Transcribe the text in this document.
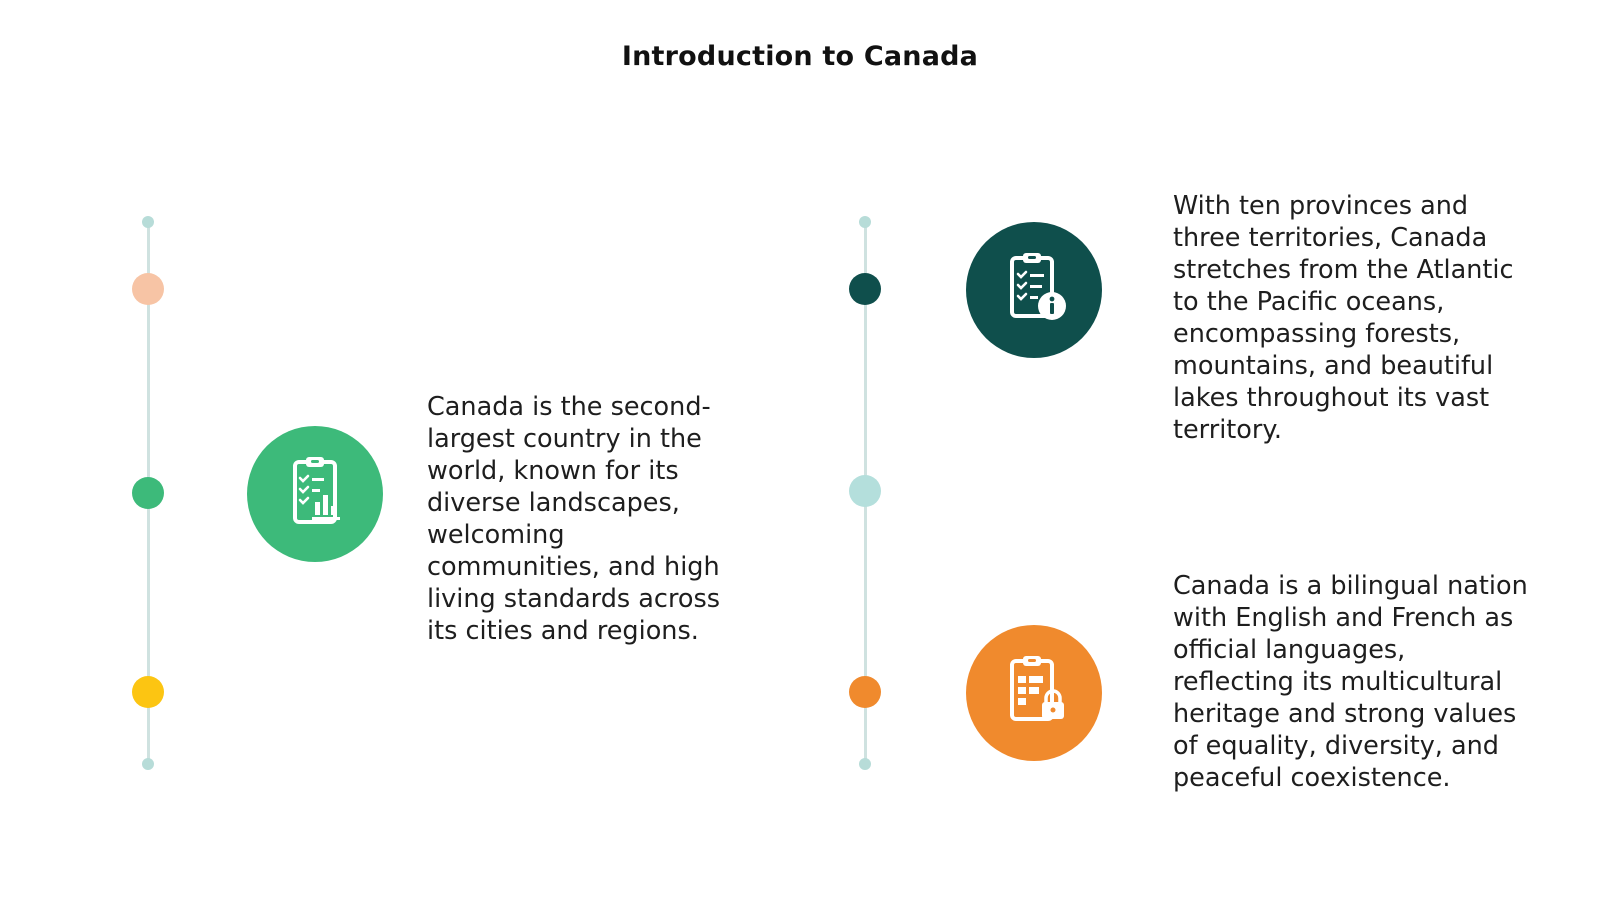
Introduction to Canada
Canada is the second-
largest country in the
world, known for its
diverse landscapes,
welcoming
communities, and high
living standards across
its cities and regions.
With ten provinces and
three territories, Canada
stretches from the Atlantic
to the Pacific oceans,
encompassing forests,
mountains, and beautiful
lakes throughout its vast
territory.
Canada is a bilingual nation
with English and French as
official languages,
reflecting its multicultural
heritage and strong values
of equality, diversity, and
peaceful coexistence.
